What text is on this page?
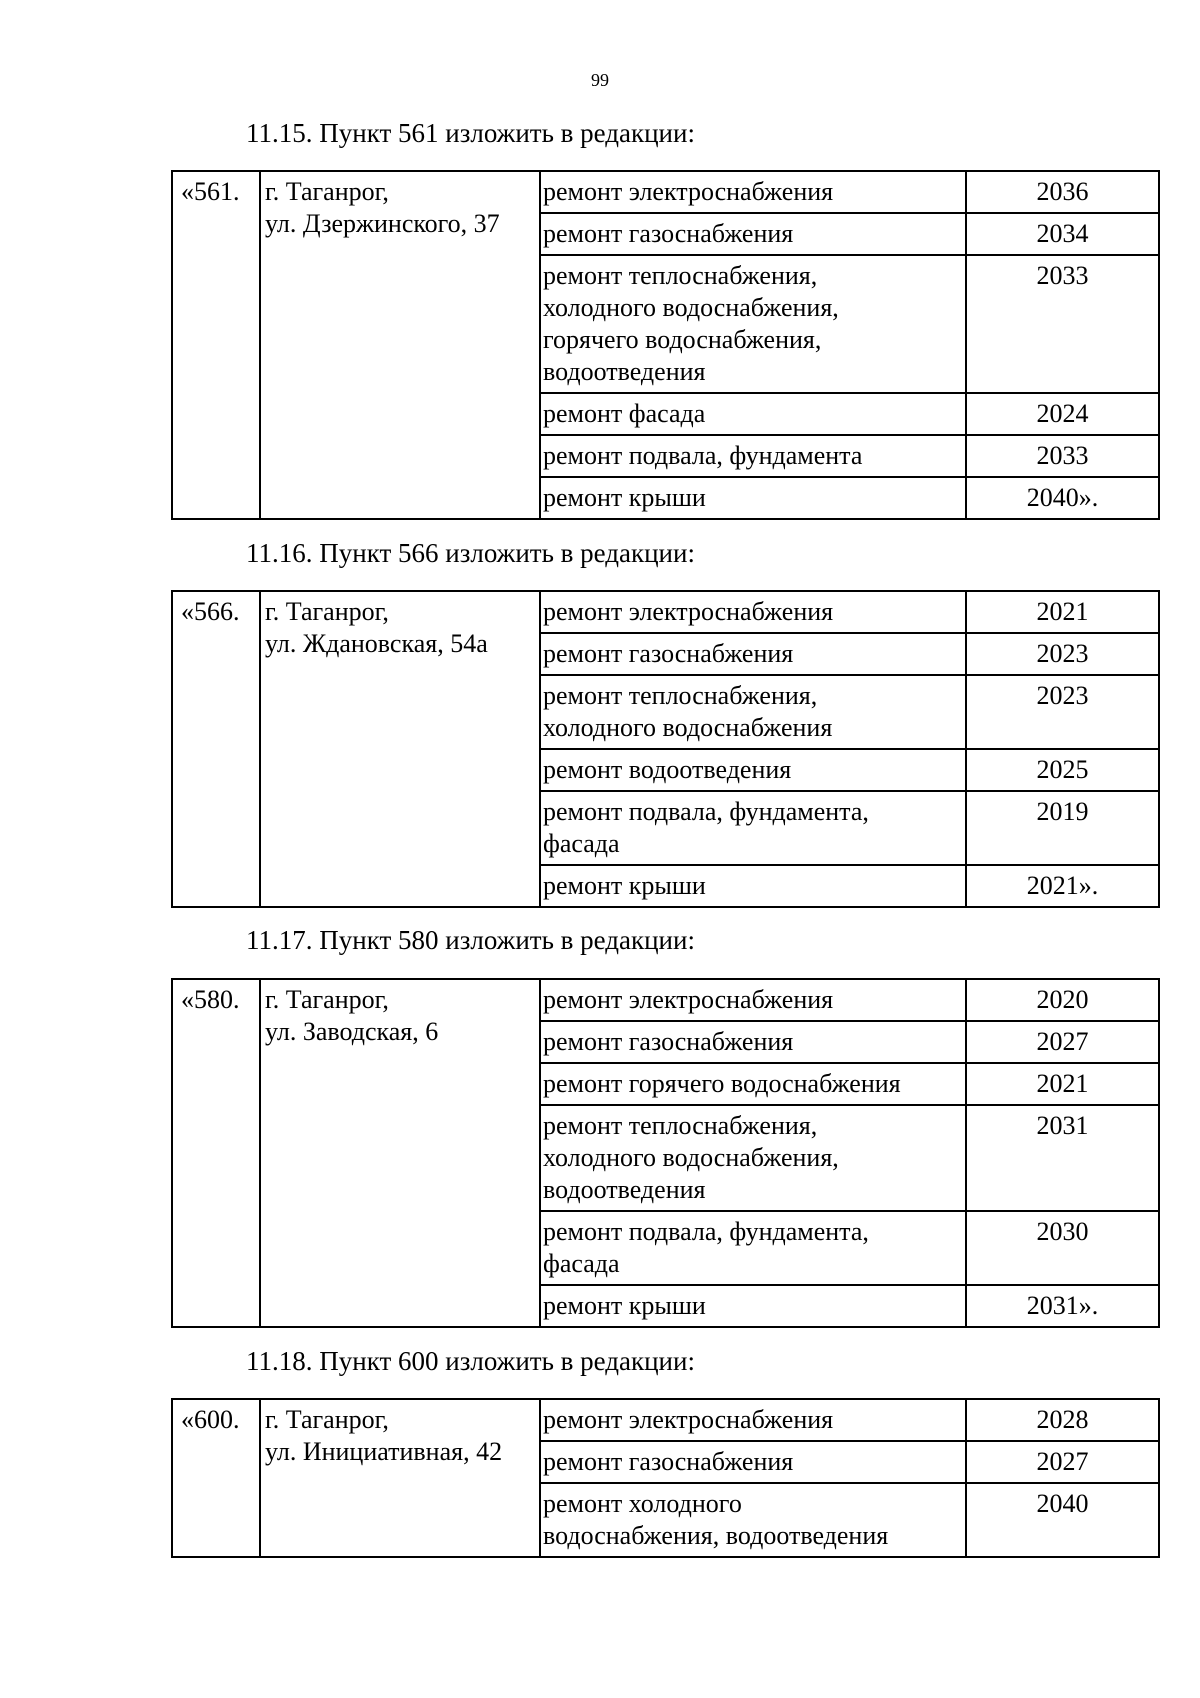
99
11.15. Пункт 561 изложить в редакции:
«561.	г. Таганрог,
ул. Дзержинского, 37	ремонт электроснабжения	2036

		ремонт газоснабжения	2034

		ремонт теплоснабжения,
холодного водоснабжения,
горячего водоснабжения,
водоотведения	2033

		ремонт фасада	2024

		ремонт подвала, фундамента	2033

		ремонт крыши	2040».
11.16. Пункт 566 изложить в редакции:
«566.	г. Таганрог,
ул. Ждановская, 54а	ремонт электроснабжения	2021

		ремонт газоснабжения	2023

		ремонт теплоснабжения,
холодного водоснабжения	2023

		ремонт водоотведения	2025

		ремонт подвала, фундамента,
фасада	2019

		ремонт крыши	2021».
11.17. Пункт 580 изложить в редакции:
«580.	г. Таганрог,
ул. Заводская, 6	ремонт электроснабжения	2020

		ремонт газоснабжения	2027

		ремонт горячего водоснабжения	2021

		ремонт теплоснабжения,
холодного водоснабжения,
водоотведения	2031

		ремонт подвала, фундамента,
фасада	2030

		ремонт крыши	2031».
11.18. Пункт 600 изложить в редакции:
«600.	г. Таганрог,
ул. Инициативная, 42	ремонт электроснабжения	2028

		ремонт газоснабжения	2027

		ремонт холодного
водоснабжения, водоотведения	2040
